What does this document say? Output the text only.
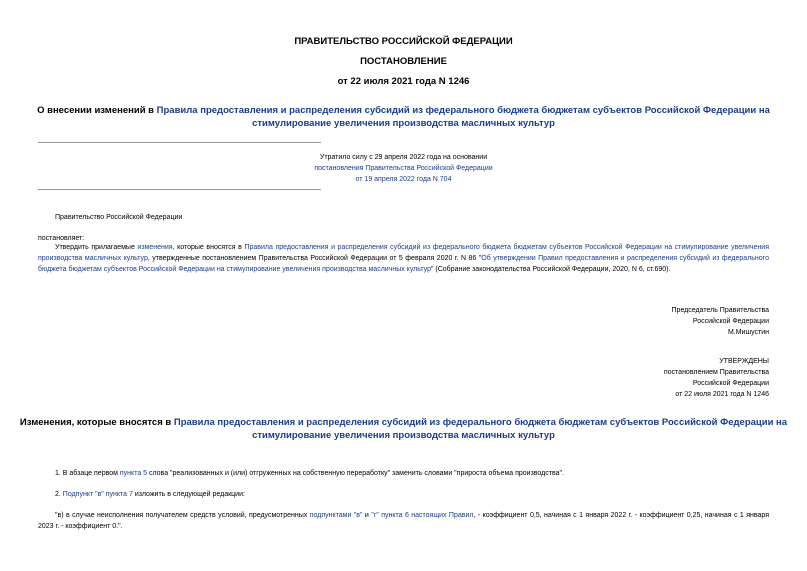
ПРАВИТЕЛЬСТВО РОССИЙСКОЙ ФЕДЕРАЦИИ
ПОСТАНОВЛЕНИЕ
от 22 июля 2021 года N 1246
О внесении изменений в Правила предоставления и распределения субсидий из федерального бюджета бюджетам субъектов Российской Федерации на
стимулирование увеличения производства масличных культур
Утратило силу с 29 апреля 2022 года на основании
постановления Правительства Российской Федерации
от 19 апреля 2022 года N 704
Правительство Российской Федерации
постановляет:
Утвердить прилагаемые изменения, которые вносятся в Правила предоставления и распределения субсидий из федерального бюджета бюджетам субъектов Российской Федерации на стимулирование увеличения производства масличных культур, утвержденные постановлением Правительства Российской Федерации от 5 февраля 2020 г. N 86 "Об утверждении Правил предоставления и распределения субсидий из федерального бюджета бюджетам субъектов Российской Федерации на стимулирование увеличения производства масличных культур" (Собрание законодательства Российской Федерации, 2020, N 6, ст.690).
Председатель Правительства
Российской Федерации
М.Мишустин
УТВЕРЖДЕНЫ
постановлением Правительства
Российской Федерации
от 22 июля 2021 года N 1246
Изменения, которые вносятся в Правила предоставления и распределения субсидий из федерального бюджета бюджетам субъектов Российской Федерации на
стимулирование увеличения производства масличных культур
1. В абзаце первом пункта 5 слова "реализованных и (или) отгруженных на собственную переработку" заменить словами "прироста объема производства".
2. Подпункт "в" пункта 7 изложить в следующей редакции:
"в) в случае неисполнения получателем средств условий, предусмотренных подпунктами "в" и "г" пункта 6 настоящих Правил, - коэффициент 0,5, начиная с 1 января 2022 г. - коэффициент 0,25, начиная с 1 января 2023 г. - коэффициент 0.".
